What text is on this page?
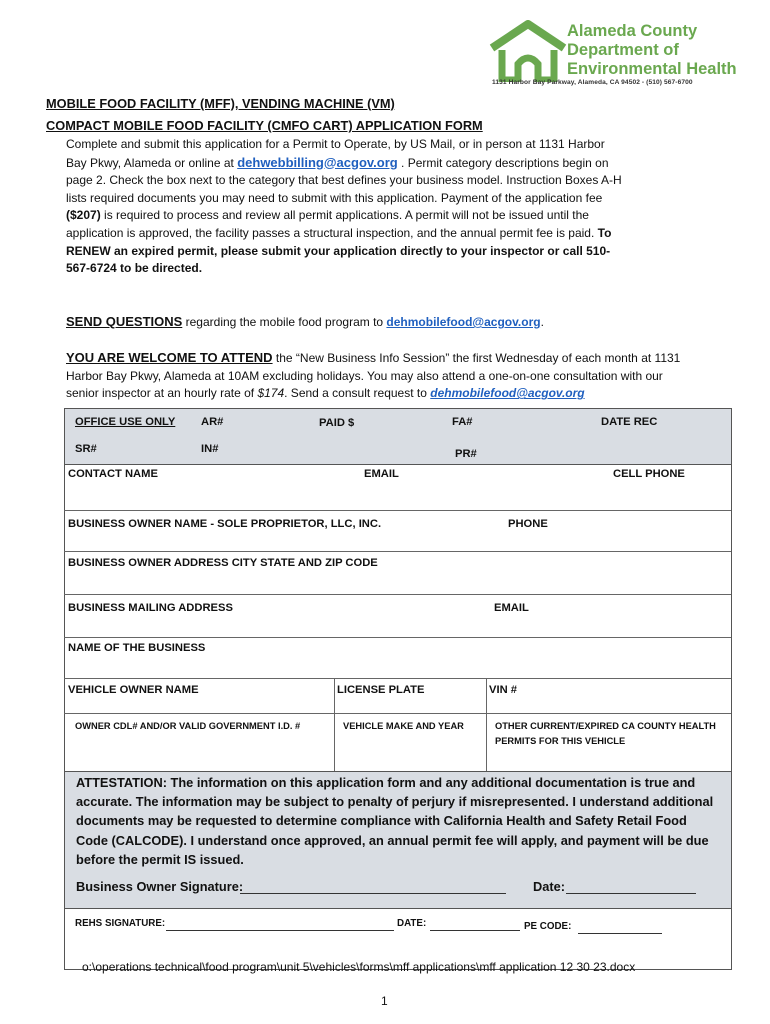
Alameda County
Department of
Environmental Health
1131 Harbor Bay Parkway, Alameda, CA 94502 - (510) 567-6700
MOBILE FOOD FACILITY (MFF), VENDING MACHINE (VM)
COMPACT MOBILE FOOD FACILITY (CMFO CART) APPLICATION FORM
Complete and submit this application for a Permit to Operate, by US Mail, or in person at 1131 Harbor Bay Pkwy, Alameda or online at dehwebbilling@acgov.org . Permit category descriptions begin on page 2. Check the box next to the category that best defines your business model. Instruction Boxes A-H lists required documents you may need to submit with this application. Payment of the application fee ($207) is required to process and review all permit applications. A permit will not be issued until the application is approved, the facility passes a structural inspection, and the annual permit fee is paid. To RENEW an expired permit, please submit your application directly to your inspector or call 510-567-6724 to be directed.
SEND QUESTIONS regarding the mobile food program to dehmobilefood@acgov.org.
YOU ARE WELCOME TO ATTEND the “New Business Info Session” the first Wednesday of each month at 1131 Harbor Bay Pkwy, Alameda at 10AM excluding holidays. You may also attend a one-on-one consultation with our senior inspector at an hourly rate of $174. Send a consult request to dehmobilefood@acgov.org
OFFICE USE ONLY AR#	PAID $	FA#	DATE REC
SR#	IN#	PR#
CONTACT NAME	EMAIL	CELL PHONE
BUSINESS OWNER NAME - SOLE PROPRIETOR, LLC, INC.	PHONE
BUSINESS OWNER ADDRESS CITY STATE AND ZIP CODE
BUSINESS MAILING ADDRESS	EMAIL
NAME OF THE BUSINESS
VEHICLE OWNER NAME	LICENSE PLATE	VIN #
OWNER CDL# AND/OR VALID GOVERNMENT I.D. #	VEHICLE MAKE AND YEAR	OTHER CURRENT/EXPIRED CA COUNTY HEALTH
PERMITS FOR THIS VEHICLE
ATTESTATION: The information on this application form and any additional documentation is true and accurate. The information may be subject to penalty of perjury if misrepresented. I understand additional documents may be requested to determine compliance with California Health and Safety Retail Food Code (CALCODE). I understand once approved, an annual permit fee will apply, and payment will be due before the permit IS issued.
Business Owner Signature:	Date:
REHS SIGNATURE:	DATE:	PE CODE:
o:\operations technical\food program\unit 5\vehicles\forms\mff applications\mff application 12 30 23.docx
1
